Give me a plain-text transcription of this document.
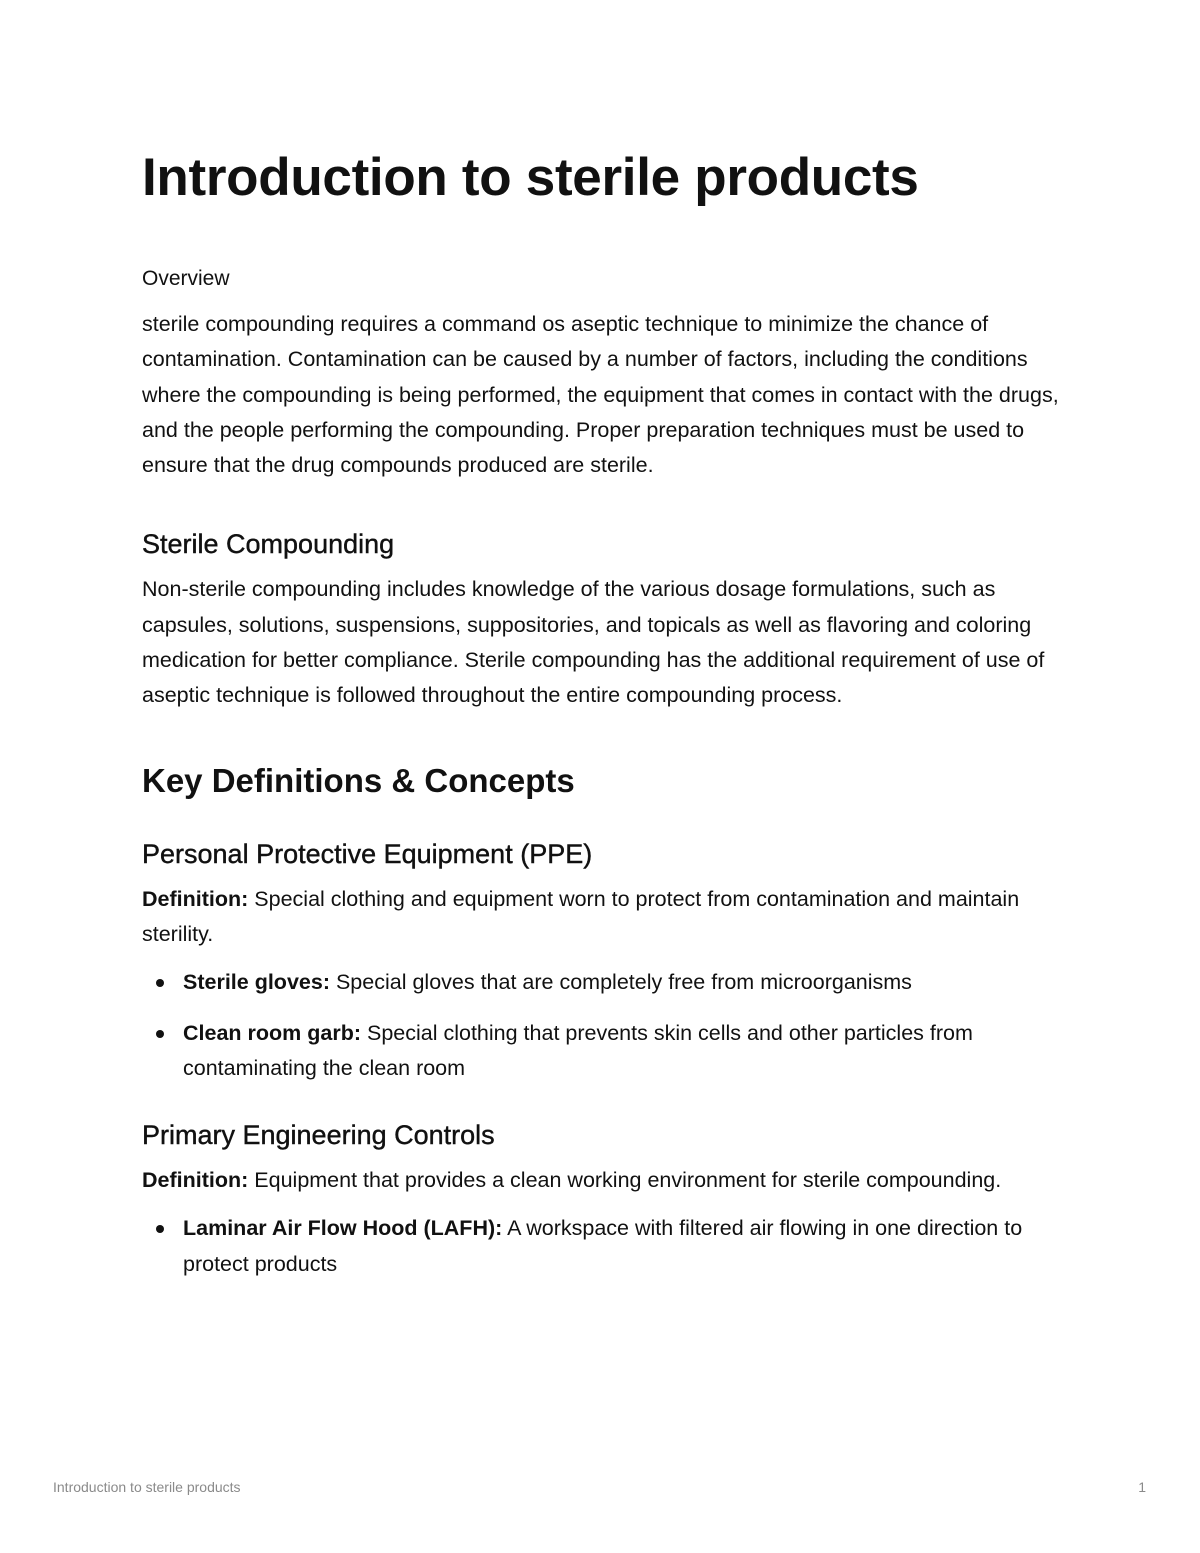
Introduction to sterile products
Overview

sterile compounding requires a command os aseptic technique to minimize the chance of contamination. Contamination can be caused by a number of factors, including the conditions where the compounding is being performed, the equipment that comes in contact with the drugs, and the people performing the compounding. Proper preparation techniques must be used to ensure that the drug compounds produced are sterile.

Sterile Compounding

Non-sterile compounding includes knowledge of the various dosage formulations, such as capsules, solutions, suspensions, suppositories, and topicals as well as flavoring and coloring medication for better compliance. Sterile compounding has the additional requirement of use of aseptic technique is followed throughout the entire compounding process.

Key Definitions & Concepts
Personal Protective Equipment (PPE)

Definition: Special clothing and equipment worn to protect from contamination and maintain sterility.

Sterile gloves: Special gloves that are completely free from microorganisms
Clean room garb: Special clothing that prevents skin cells and other particles from contaminating the clean room
Primary Engineering Controls

Definition: Equipment that provides a clean working environment for sterile compounding.

Laminar Air Flow Hood (LAFH): A workspace with filtered air flowing in one direction to protect products
Introduction to sterile products	1
